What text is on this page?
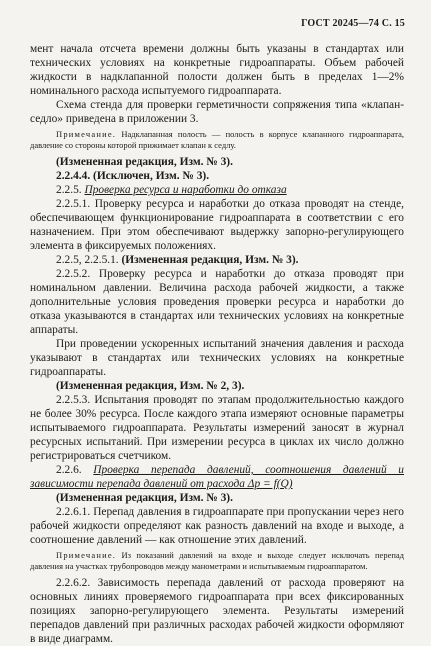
ГОСТ 20245—74 С. 15

мент начала отсчета времени должны быть указаны в стандартах или технических условиях на конкретные гидроаппараты. Объем рабочей жидкости в надклапанной полости должен быть в пределах 1—2% номинального расхода испытуемого гидроаппарата.

Схема стенда для проверки герметичности сопряжения типа «клапан-седло» приведена в приложении 3.

Примечание. Надклапанная полость — полость в корпусе клапанного гидроаппарата, давление со стороны которой прижимает клапан к седлу.

(Измененная редакция, Изм. № 3).

2.2.4.4. (Исключен, Изм. № 3).

2.2.5. Проверка ресурса и наработки до отказа

2.2.5.1. Проверку ресурса и наработки до отказа проводят на стенде, обеспечивающем функционирование гидроаппарата в соответствии с его назначением. При этом обеспечивают выдержку запорно-регулирующего элемента в фиксируемых положениях.

2.2.5, 2.2.5.1. (Измененная редакция, Изм. № 3).

2.2.5.2. Проверку ресурса и наработки до отказа проводят при номинальном давлении. Величина расхода рабочей жидкости, а также дополнительные условия проведения проверки ресурса и наработки до отказа указываются в стандартах или технических условиях на конкретные аппараты.

При проведении ускоренных испытаний значения давления и расхода указывают в стандартах или технических условиях на конкретные гидроаппараты.

(Измененная редакция, Изм. № 2, 3).

2.2.5.3. Испытания проводят по этапам продолжительностью каждого не более 30% ресурса. После каждого этапа измеряют основные параметры испытываемого гидроаппарата. Результаты измерений заносят в журнал ресурсных испытаний. При измерении ресурса в циклах их число должно регистрироваться счетчиком.

2.2.6. Проверка перепада давлений, соотношения давлений и зависимости перепада давлений от расхода Δp = f(Q)

(Измененная редакция, Изм. № 3).

2.2.6.1. Перепад давления в гидроаппарате при пропускании через него рабочей жидкости определяют как разность давлений на входе и выходе, а соотношение давлений — как отношение этих давлений.

Примечание. Из показаний давлений на входе и выходе следует исключать перепад давления на участках трубопроводов между манометрами и испытываемым гидроаппаратом.

2.2.6.2. Зависимость перепада давлений от расхода проверяют на основных линиях проверяемого гидроаппарата при всех фиксированных позициях запорно-регулирующего элемента. Результаты измерений перепадов давлений при различных расходах рабочей жидкости оформляют в виде диаграмм.
